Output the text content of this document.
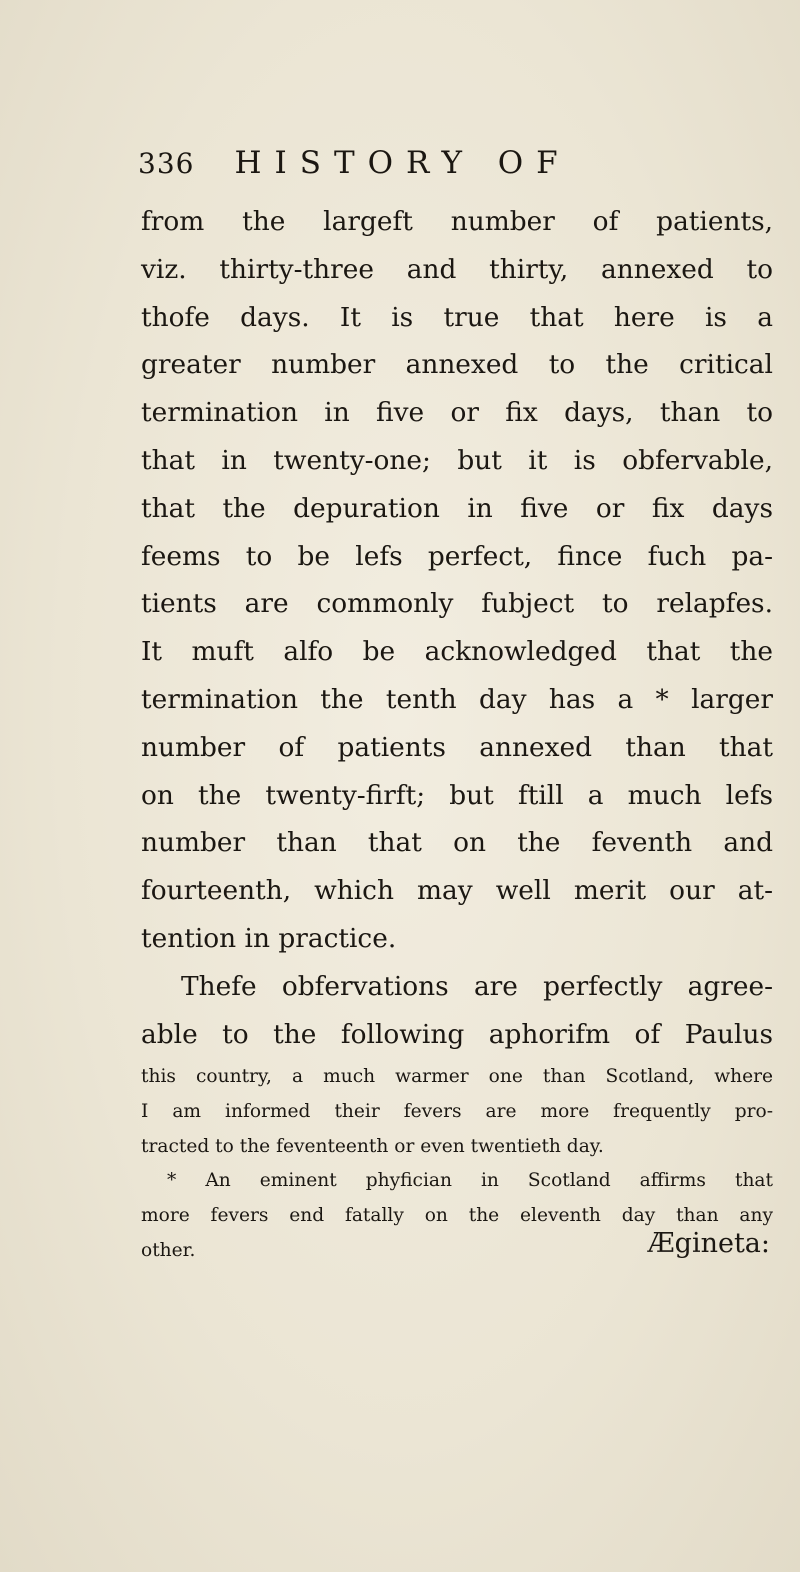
336 HISTORY OF
from the largeft number of patients,
viz. thirty-three and thirty, annexed to
thofe days. It is true that here is a
greater number annexed to the critical
termination in five or fix days, than to
that in twenty-one; but it is obfervable,
that the depuration in five or fix days
feems to be lefs perfect, fince fuch pa-
tients are commonly fubject to relapfes.
It muft alfo be acknowledged that the
termination the tenth day has a * larger
number of patients annexed than that
on the twenty-firft; but ftill a much lefs
number than that on the feventh and
fourteenth, which may well merit our at-
tention in practice.
Thefe obfervations are perfectly agree-
able to the following aphorifm of Paulus
this country, a much warmer one than Scotland, where
I am informed their fevers are more frequently pro-
tracted to the feventeenth or even twentieth day.
* An eminent phyfician in Scotland affirms that
more fevers end fatally on the eleventh day than any
other.	Ægineta:
